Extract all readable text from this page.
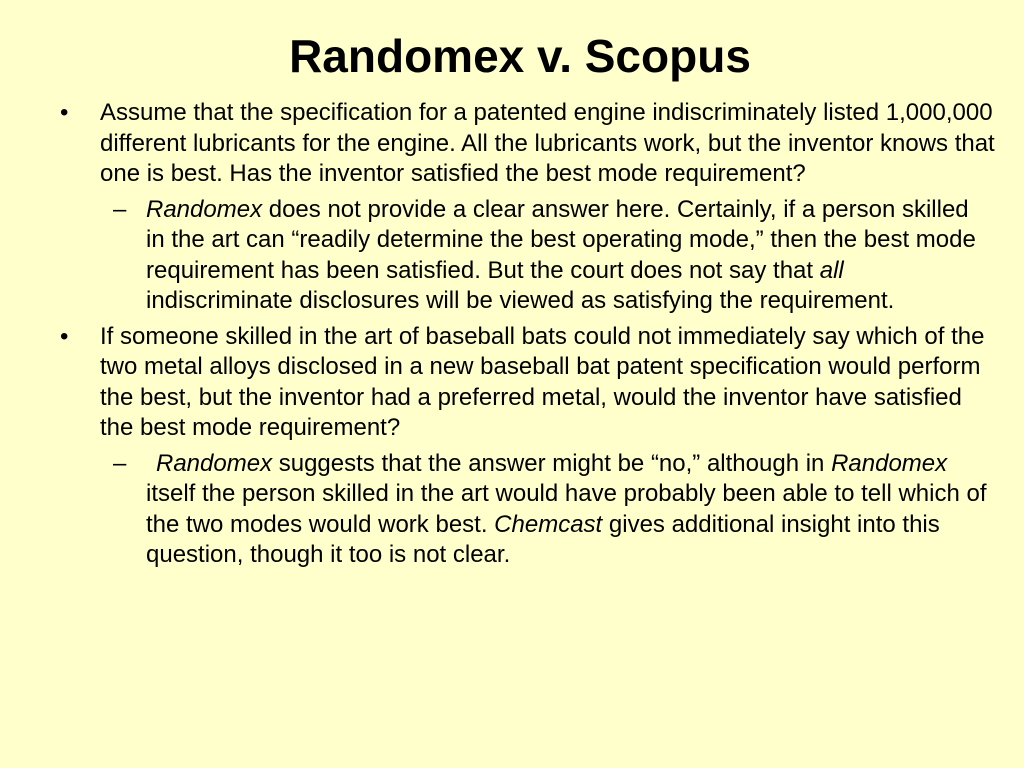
Randomex v. Scopus
• Assume that the specification for a patented engine indiscriminately listed 1,000,000 different lubricants for the engine. All the lubricants work, but the inventor knows that one is best. Has the inventor satisfied the best mode requirement?
– Randomex does not provide a clear answer here. Certainly, if a person skilled in the art can “readily determine the best operating mode,” then the best mode requirement has been satisfied. But the court does not say that all indiscriminate disclosures will be viewed as satisfying the requirement.
• If someone skilled in the art of baseball bats could not immediately say which of the two metal alloys disclosed in a new baseball bat patent specification would perform the best, but the inventor had a preferred metal, would the inventor have satisfied the best mode requirement?
– Randomex suggests that the answer might be “no,” although in Randomex itself the person skilled in the art would have probably been able to tell which of the two modes would work best. Chemcast gives additional insight into this question, though it too is not clear.
